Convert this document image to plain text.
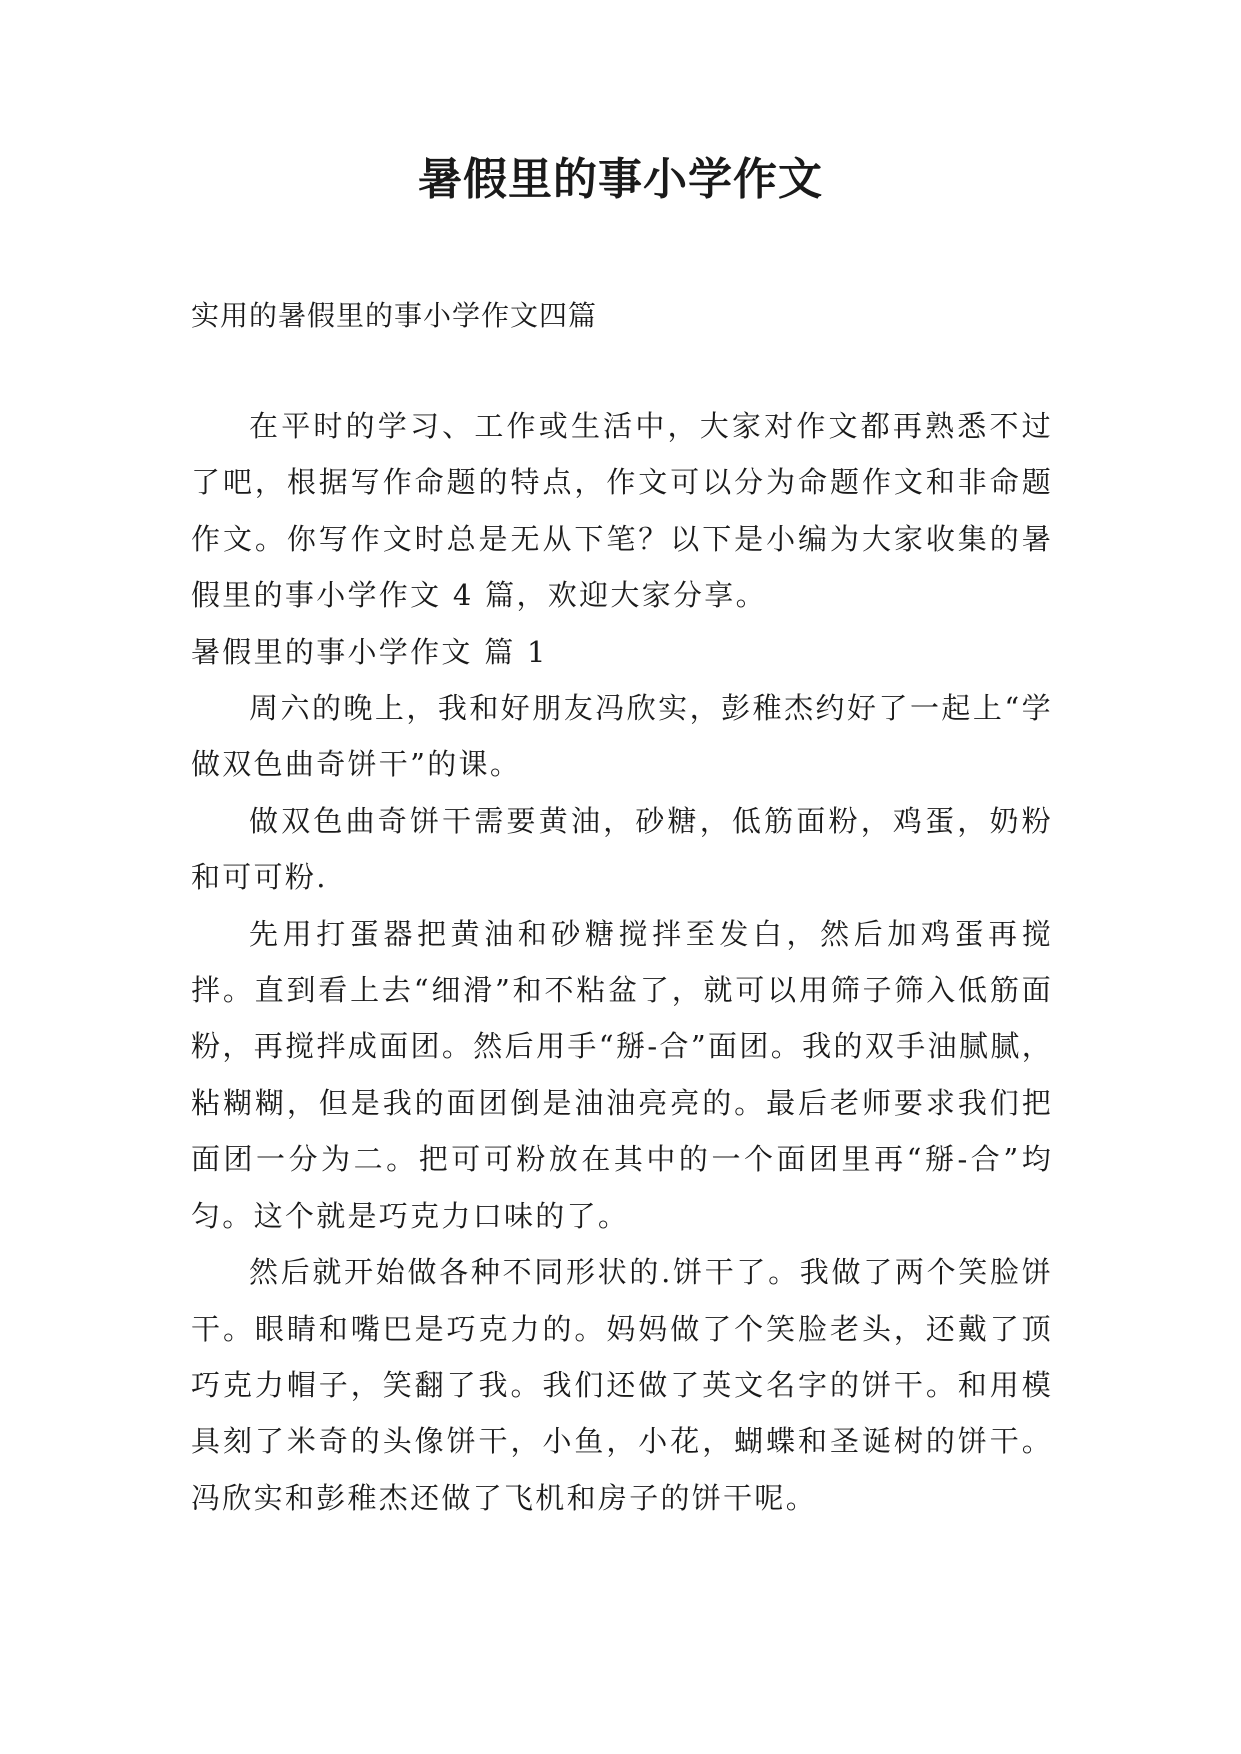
暑假里的事小学作文
实用的暑假里的事小学作文四篇

在平时的学习、工作或生活中，大家对作文都再熟悉不过了吧，根据写作命题的特点，作文可以分为命题作文和非命题作文。你写作文时总是无从下笔？以下是小编为大家收集的暑假里的事小学作文 4 篇，欢迎大家分享。

暑假里的事小学作文 篇 1

周六的晚上，我和好朋友冯欣实，彭稚杰约好了一起上“学做双色曲奇饼干”的课。

做双色曲奇饼干需要黄油，砂糖，低筋面粉，鸡蛋，奶粉和可可粉.

先用打蛋器把黄油和砂糖搅拌至发白，然后加鸡蛋再搅拌。直到看上去“细滑”和不粘盆了，就可以用筛子筛入低筋面粉，再搅拌成面团。然后用手“掰-合”面团。我的双手油腻腻，粘糊糊，但是我的面团倒是油油亮亮的。最后老师要求我们把面团一分为二。把可可粉放在其中的一个面团里再“掰-合”均匀。这个就是巧克力口味的了。

然后就开始做各种不同形状的.饼干了。我做了两个笑脸饼干。眼睛和嘴巴是巧克力的。妈妈做了个笑脸老头，还戴了顶巧克力帽子，笑翻了我。我们还做了英文名字的饼干。和用模具刻了米奇的头像饼干，小鱼，小花，蝴蝶和圣诞树的饼干。冯欣实和彭稚杰还做了飞机和房子的饼干呢。
